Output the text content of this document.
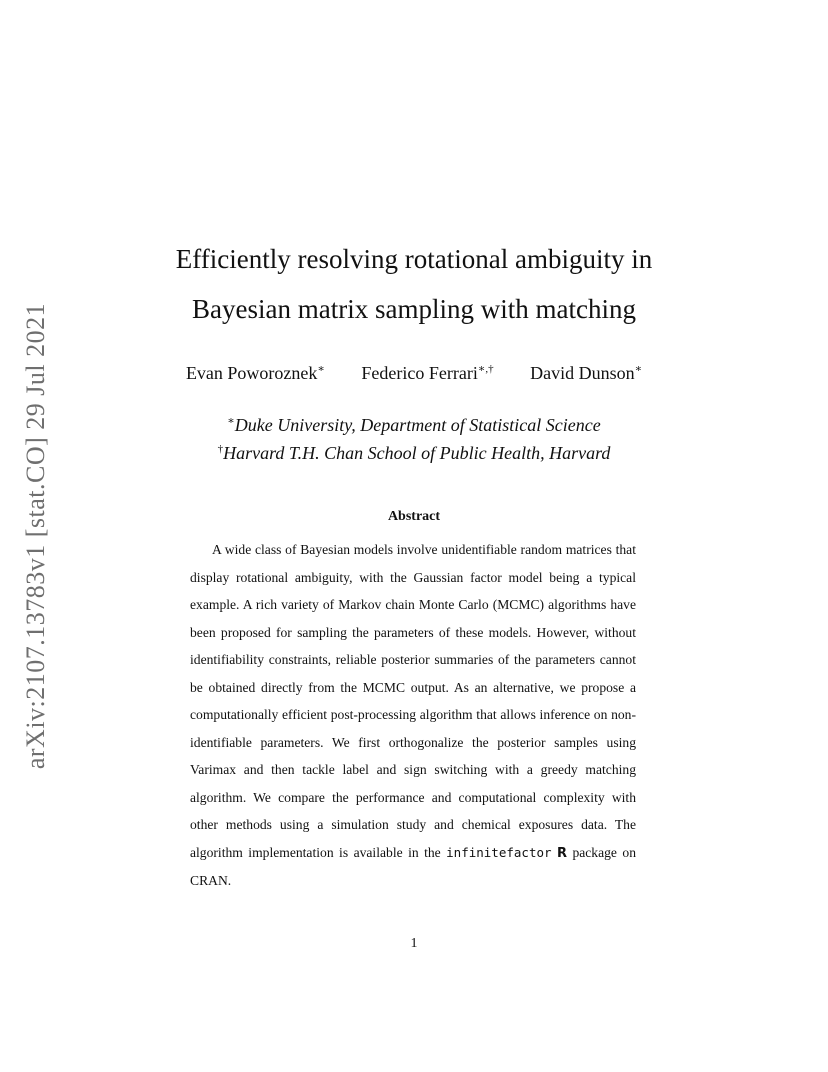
arXiv:2107.13783v1 [stat.CO] 29 Jul 2021
Efficiently resolving rotational ambiguity in
Bayesian matrix sampling with matching
Evan Poworoznek∗ Federico Ferrari∗,† David Dunson∗
∗Duke University, Department of Statistical Science
†Harvard T.H. Chan School of Public Health, Harvard
Abstract
A wide class of Bayesian models involve unidentifiable random matrices that display rotational ambiguity, with the Gaussian factor model being a typical example. A rich variety of Markov chain Monte Carlo (MCMC) algorithms have been proposed for sampling the parameters of these models. However, without identifiability constraints, reliable posterior summaries of the parameters cannot be obtained directly from the MCMC output. As an alternative, we propose a computationally efficient post-processing algorithm that allows inference on non-identifiable parameters. We first orthogonalize the posterior samples using Varimax and then tackle label and sign switching with a greedy matching algorithm. We compare the performance and computational complexity with other methods using a simulation study and chemical exposures data. The algorithm implementation is available in the infinitefactor R package on CRAN.
1
